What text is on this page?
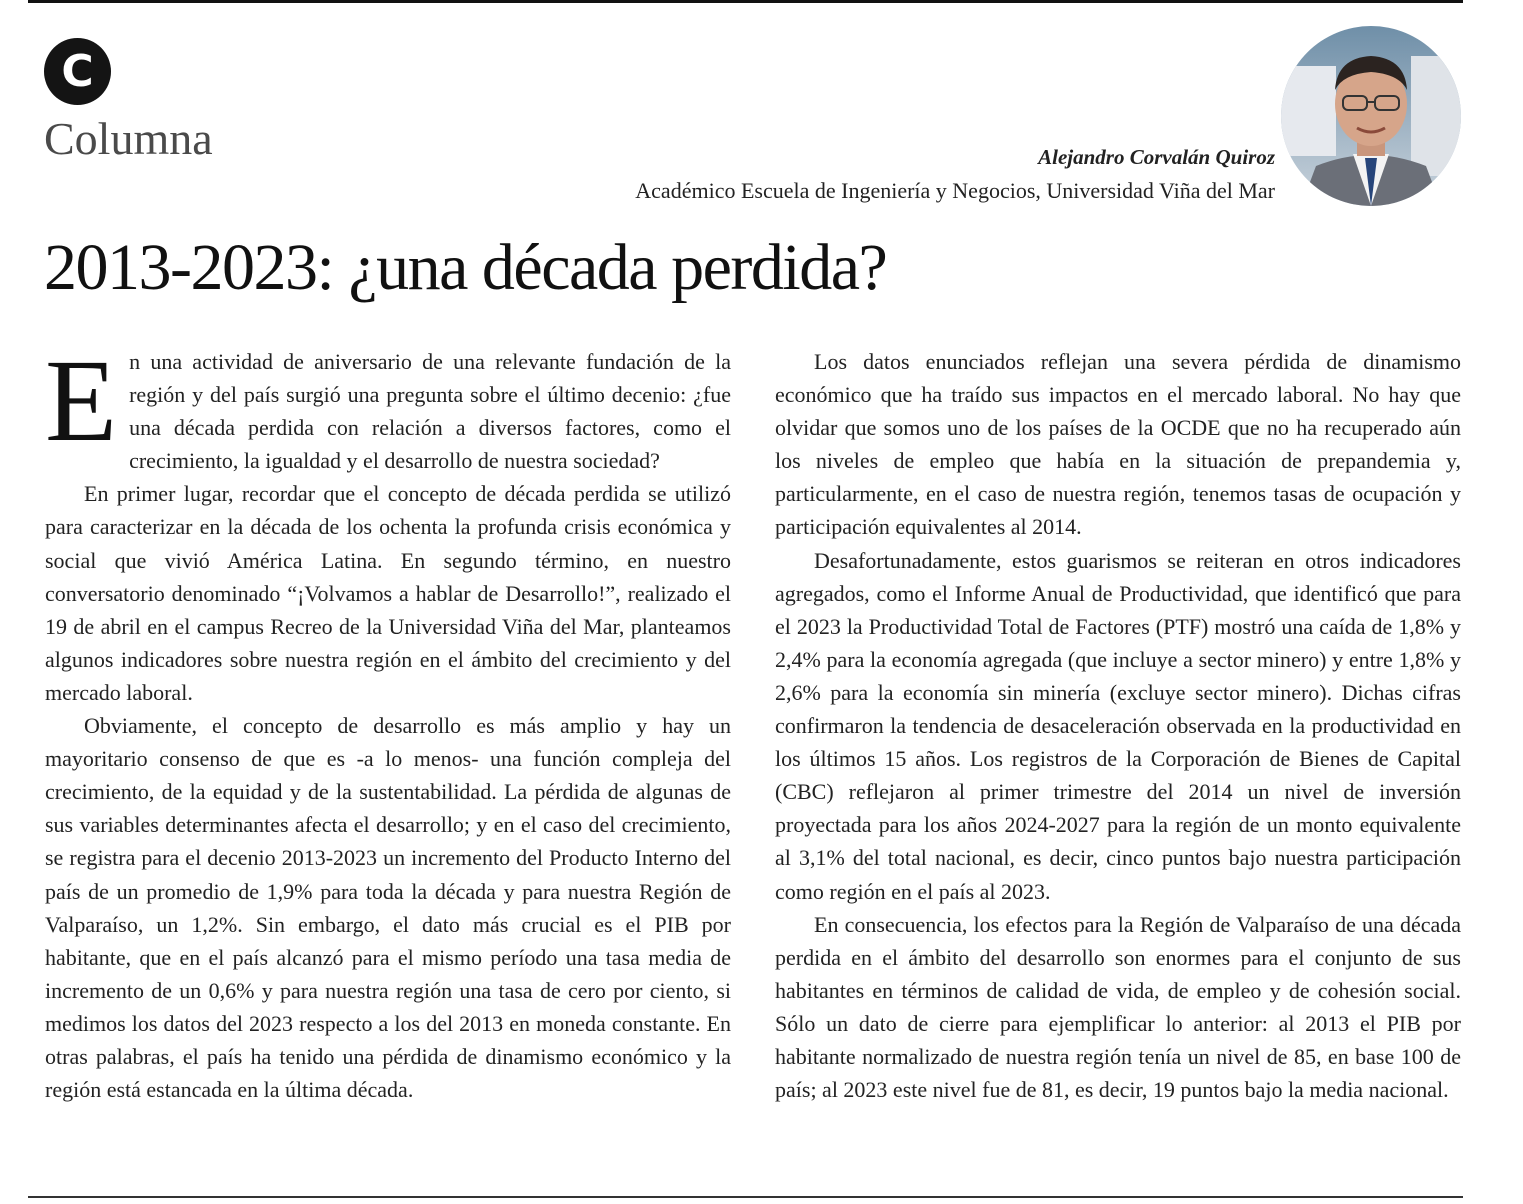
C
Columna	Alejandro Corvalán Quiroz
Académico Escuela de Ingeniería y Negocios, Universidad Viña del Mar
2013-2023: ¿una década perdida?

En una actividad de aniversario de una relevante fundación de la región y del país surgió una pregunta sobre el último decenio: ¿fue una década perdida con relación a diversos factores, como el crecimiento, la igualdad y el desarrollo de nuestra sociedad?

En primer lugar, recordar que el concepto de década perdida se utilizó para caracterizar en la década de los ochenta la profunda crisis económica y social que vivió América Latina. En segundo término, en nuestro conversatorio denominado “¡Volvamos a hablar de Desarrollo!”, realizado el 19 de abril en el campus Recreo de la Universidad Viña del Mar, planteamos algunos indicadores sobre nuestra región en el ámbito del crecimiento y del mercado laboral.

Obviamente, el concepto de desarrollo es más amplio y hay un mayoritario consenso de que es -a lo menos- una función compleja del crecimiento, de la equidad y de la sustentabilidad. La pérdida de algunas de sus variables determinantes afecta el desarrollo; y en el caso del crecimiento, se registra para el decenio 2013-2023 un incremento del Producto Interno del país de un promedio de 1,9% para toda la década y para nuestra Región de Valparaíso, un 1,2%. Sin embargo, el dato más crucial es el PIB por habitante, que en el país alcanzó para el mismo período una tasa media de incremento de un 0,6% y para nuestra región una tasa de cero por ciento, si medimos los datos del 2023 respecto a los del 2013 en moneda constante. En otras palabras, el país ha tenido una pérdida de dinamismo económico y la región está estancada en la última década.

Los datos enunciados reflejan una severa pérdida de dinamismo económico que ha traído sus impactos en el mercado laboral. No hay que olvidar que somos uno de los países de la OCDE que no ha recuperado aún los niveles de empleo que había en la situación de prepandemia y, particularmente, en el caso de nuestra región, tenemos tasas de ocupación y participación equivalentes al 2014.

Desafortunadamente, estos guarismos se reiteran en otros indicadores agregados, como el Informe Anual de Productividad, que identificó que para el 2023 la Productividad Total de Factores (PTF) mostró una caída de 1,8% y 2,4% para la economía agregada (que incluye a sector minero) y entre 1,8% y 2,6% para la economía sin minería (excluye sector minero). Dichas cifras confirmaron la tendencia de desaceleración observada en la productividad en los últimos 15 años. Los registros de la Corporación de Bienes de Capital (CBC) reflejaron al primer trimestre del 2014 un nivel de inversión proyectada para los años 2024-2027 para la región de un monto equivalente al 3,1% del total nacional, es decir, cinco puntos bajo nuestra participación como región en el país al 2023.

En consecuencia, los efectos para la Región de Valparaíso de una década perdida en el ámbito del desarrollo son enormes para el conjunto de sus habitantes en términos de calidad de vida, de empleo y de cohesión social. Sólo un dato de cierre para ejemplificar lo anterior: al 2013 el PIB por habitante normalizado de nuestra región tenía un nivel de 85, en base 100 de país; al 2023 este nivel fue de 81, es decir, 19 puntos bajo la media nacional.
